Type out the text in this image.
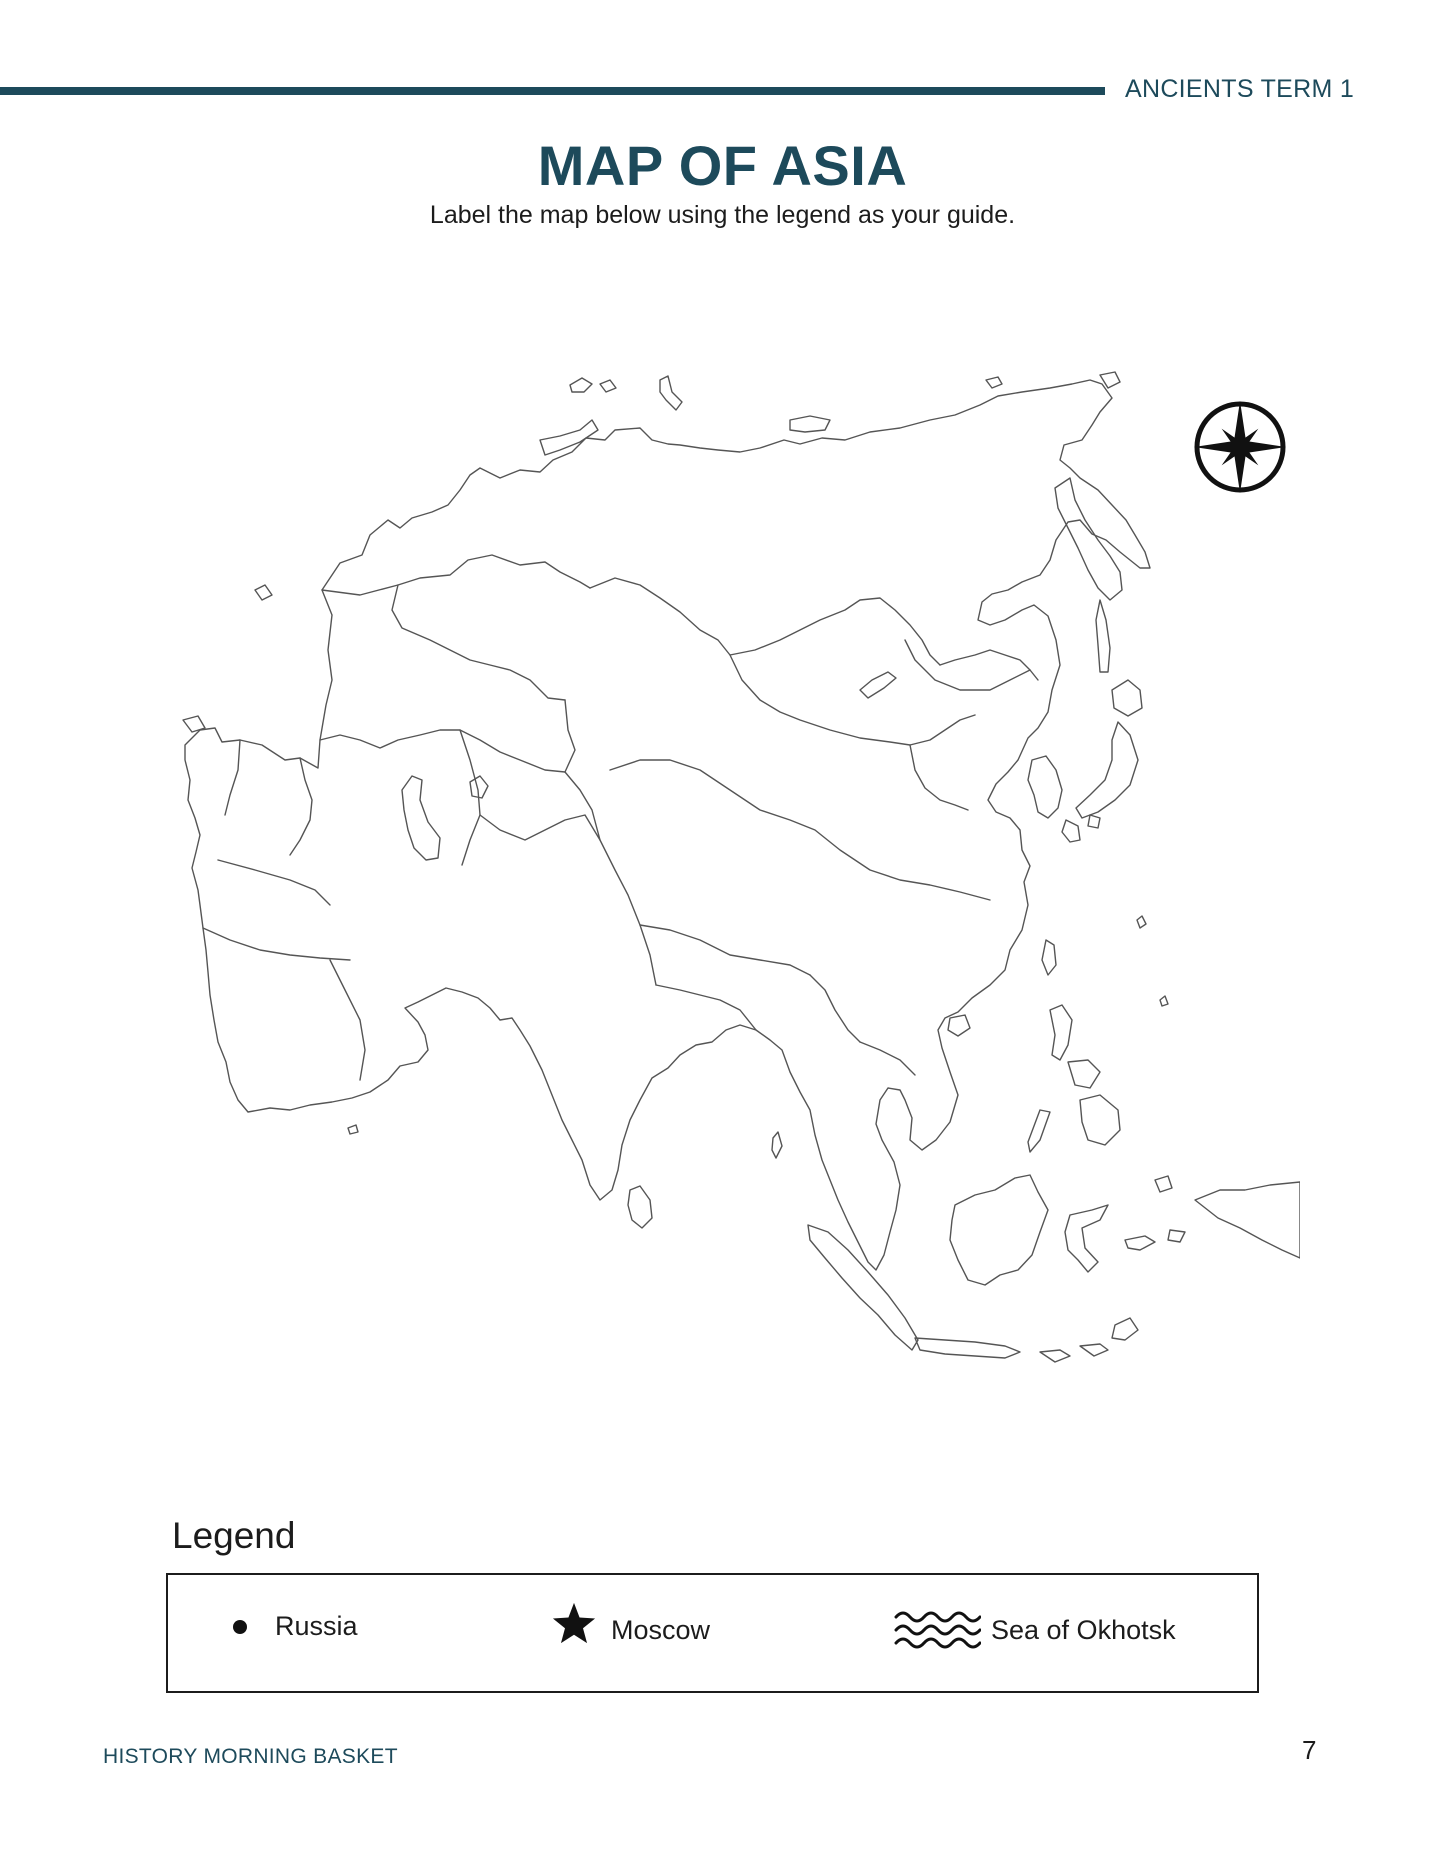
ANCIENTS TERM 1
MAP OF ASIA
Label the map below using the legend as your guide.
Legend
Russia	Moscow	Sea of Okhotsk
HISTORY MORNING BASKET	7
